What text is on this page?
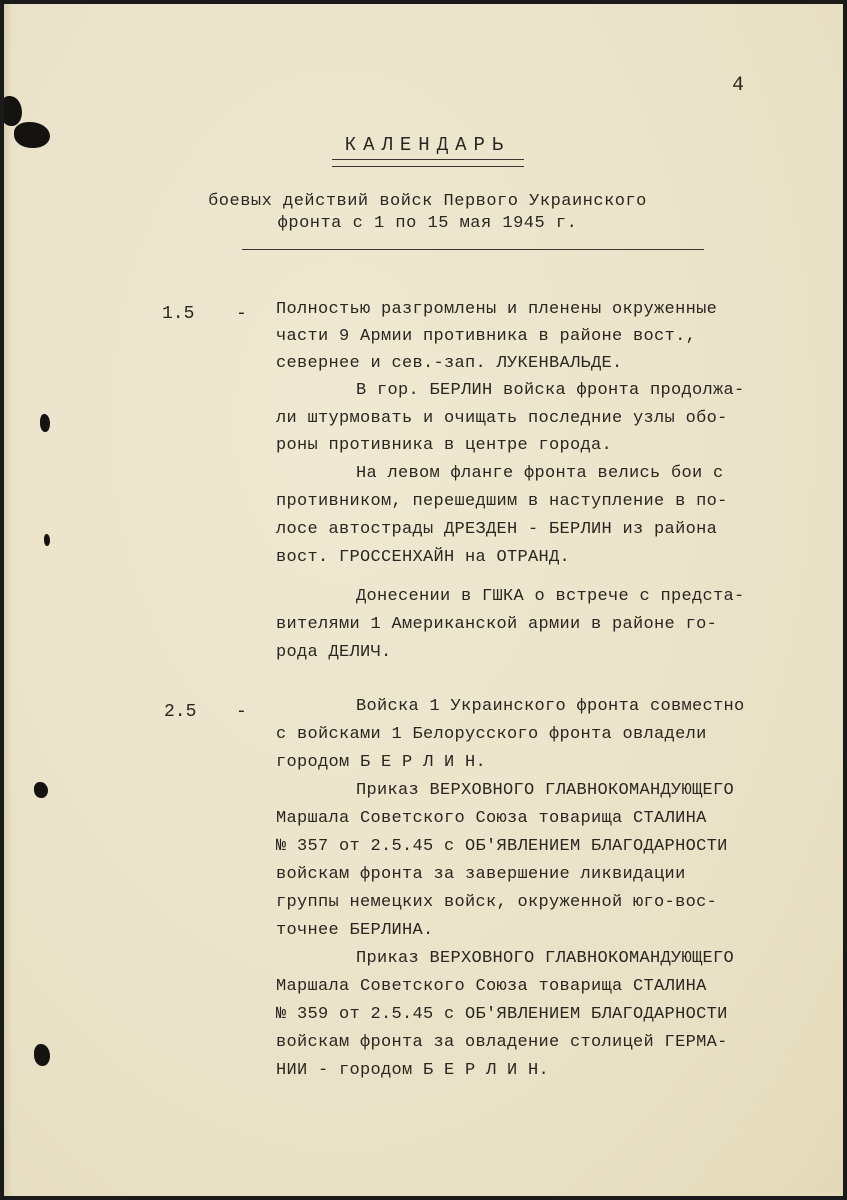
4
КАЛЕНДАРЬ
боевых действий войск Первого Украинского
фронта с 1 по 15 мая 1945 г.
1.5 - Полностью разгромлены и пленены окруженные
части 9 Армии противника в районе вост.,
севернее и сев.-зап. ЛУКЕНВАЛЬДЕ.
В гор. БЕРЛИН войска фронта продолжа-
ли штурмовать и очищать последние узлы обо-
роны противника в центре города.
На левом фланге фронта велись бои с
противником, перешедшим в наступление в по-
лосе автострады ДРЕЗДЕН - БЕРЛИН из района
вост. ГРОССЕНХАЙН на ОТРАНД.
Донесении в ГШКА о встрече с предста-
вителями 1 Американской армии в районе го-
рода ДЕЛИЧ.
2.5 -	Войска 1 Украинского фронта совместно
с войсками 1 Белорусского фронта овладели
городом Б Е Р Л И Н.
Приказ ВЕРХОВНОГО ГЛАВНОКОМАНДУЮЩЕГО
Маршала Советского Союза товарища СТАЛИНА
№ 357 от 2.5.45 с ОБ'ЯВЛЕНИЕМ БЛАГОДАРНОСТИ
войскам фронта за завершение ликвидации
группы немецких войск, окруженной юго-вос-
точнее БЕРЛИНА.
Приказ ВЕРХОВНОГО ГЛАВНОКОМАНДУЮЩЕГО
Маршала Советского Союза товарища СТАЛИНА
№ 359 от 2.5.45 с ОБ'ЯВЛЕНИЕМ БЛАГОДАРНОСТИ
войскам фронта за овладение столицей ГЕРМА-
НИИ - городом Б Е Р Л И Н.
